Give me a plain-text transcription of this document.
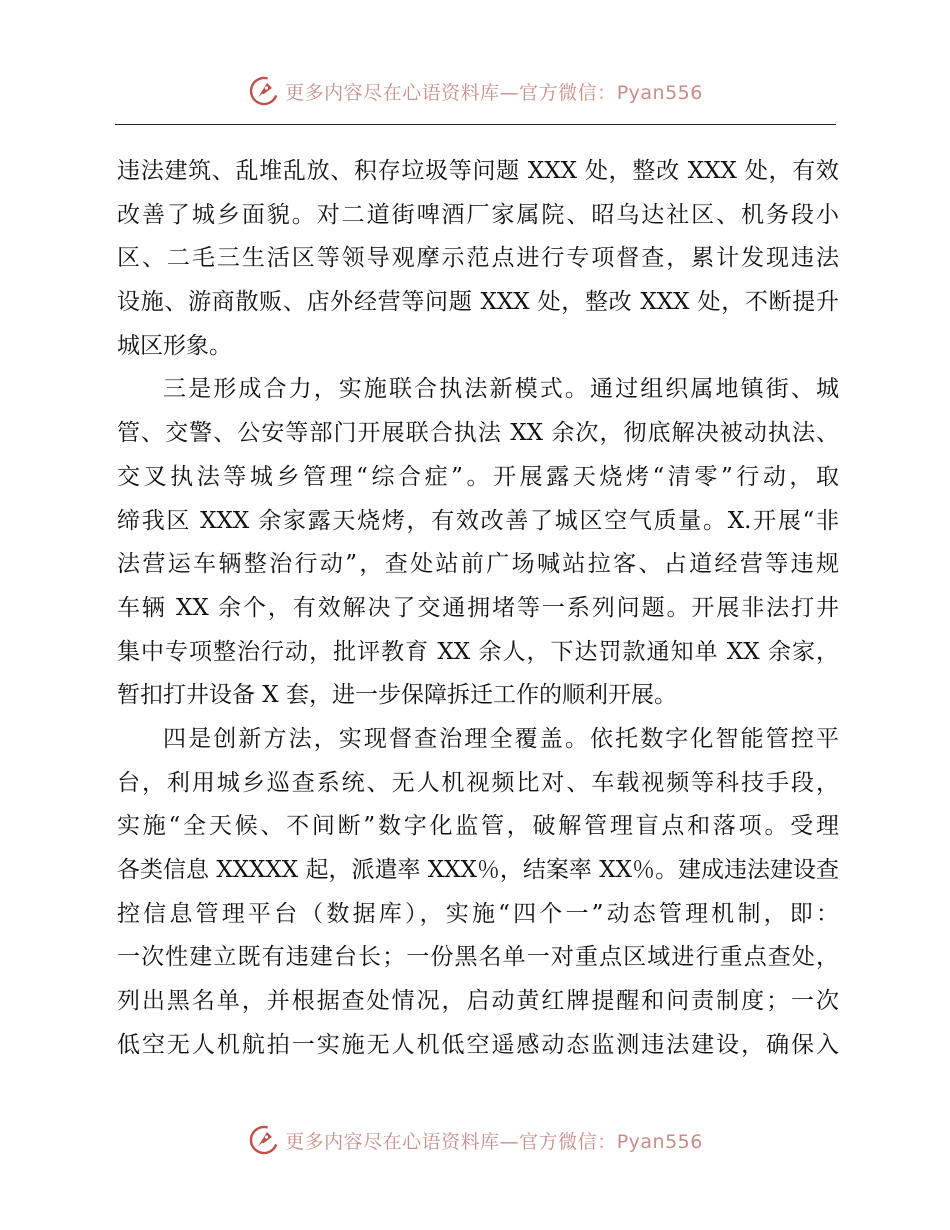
更多内容尽在心语资料库—官方微信：Pyan556
违法建筑、乱堆乱放、积存垃圾等问题 XXX 处，整改 XXX 处，有效
改善了城乡面貌。对二道街啤酒厂家属院、昭乌达社区、机务段小
区、二毛三生活区等领导观摩示范点进行专项督查，累计发现违法
设施、游商散贩、店外经营等问题 XXX 处，整改 XXX 处，不断提升
城区形象。
三是形成合力，实施联合执法新模式。通过组织属地镇街、城
管、交警、公安等部门开展联合执法 XX 余次，彻底解决被动执法、
交叉执法等城乡管理“综合症”。开展露天烧烤“清零”行动，取
缔我区 XXX 余家露天烧烤，有效改善了城区空气质量。X.开展“非
法营运车辆整治行动”，查处站前广场喊站拉客、占道经营等违规
车辆 XX 余个，有效解决了交通拥堵等一系列问题。开展非法打井
集中专项整治行动，批评教育 XX 余人，下达罚款通知单 XX 余家，
暂扣打井设备 X 套，进一步保障拆迁工作的顺利开展。
四是创新方法，实现督查治理全覆盖。依托数字化智能管控平
台，利用城乡巡查系统、无人机视频比对、车载视频等科技手段，
实施“全天候、不间断”数字化监管，破解管理盲点和落项。受理
各类信息 XXXXX 起，派遣率 XXX％，结案率 XX％。建成违法建设查
控信息管理平台（数据库），实施“四个一”动态管理机制，即：
一次性建立既有违建台长；一份黑名单一对重点区域进行重点查处，
列出黑名单，并根据查处情况，启动黄红牌提醒和问责制度；一次
低空无人机航拍一实施无人机低空遥感动态监测违法建设，确保入
更多内容尽在心语资料库—官方微信：Pyan556
